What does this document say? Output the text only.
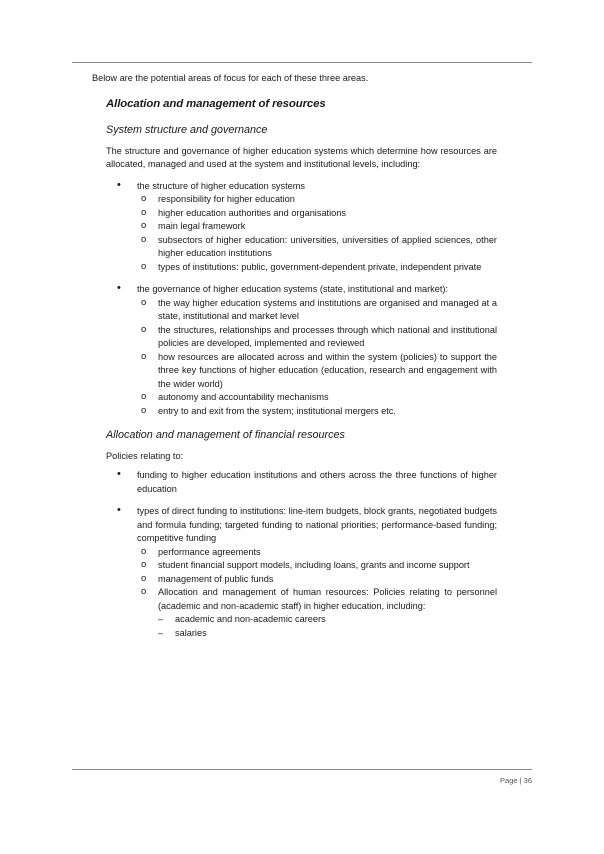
Below are the potential areas of focus for each of these three areas.

Allocation and management of resources
System structure and governance

The structure and governance of higher education systems which determine how resources are allocated, managed and used at the system and institutional levels, including:

• the structure of higher education systems
o responsibility for higher education
o higher education authorities and organisations
o main legal framework
o subsectors of higher education: universities, universities of applied sciences, other higher education institutions
o types of institutions: public, government-dependent private, independent private
• the governance of higher education systems (state, institutional and market):
o the way higher education systems and institutions are organised and managed at a state, institutional and market level
o the structures, relationships and processes through which national and institutional policies are developed, implemented and reviewed
o how resources are allocated across and within the system (policies) to support the three key functions of higher education (education, research and engagement with the wider world)
o autonomy and accountability mechanisms
o entry to and exit from the system; institutional mergers etc.
Allocation and management of financial resources

Policies relating to:

• funding to higher education institutions and others across the three functions of higher education
• types of direct funding to institutions: line-item budgets, block grants, negotiated budgets and formula funding; targeted funding to national priorities; performance-based funding; competitive funding
o performance agreements
o student financial support models, including loans, grants and income support
o management of public funds
o Allocation and management of human resources: Policies relating to personnel (academic and non-academic staff) in higher education, including:
– academic and non-academic careers
– salaries
Page | 36
